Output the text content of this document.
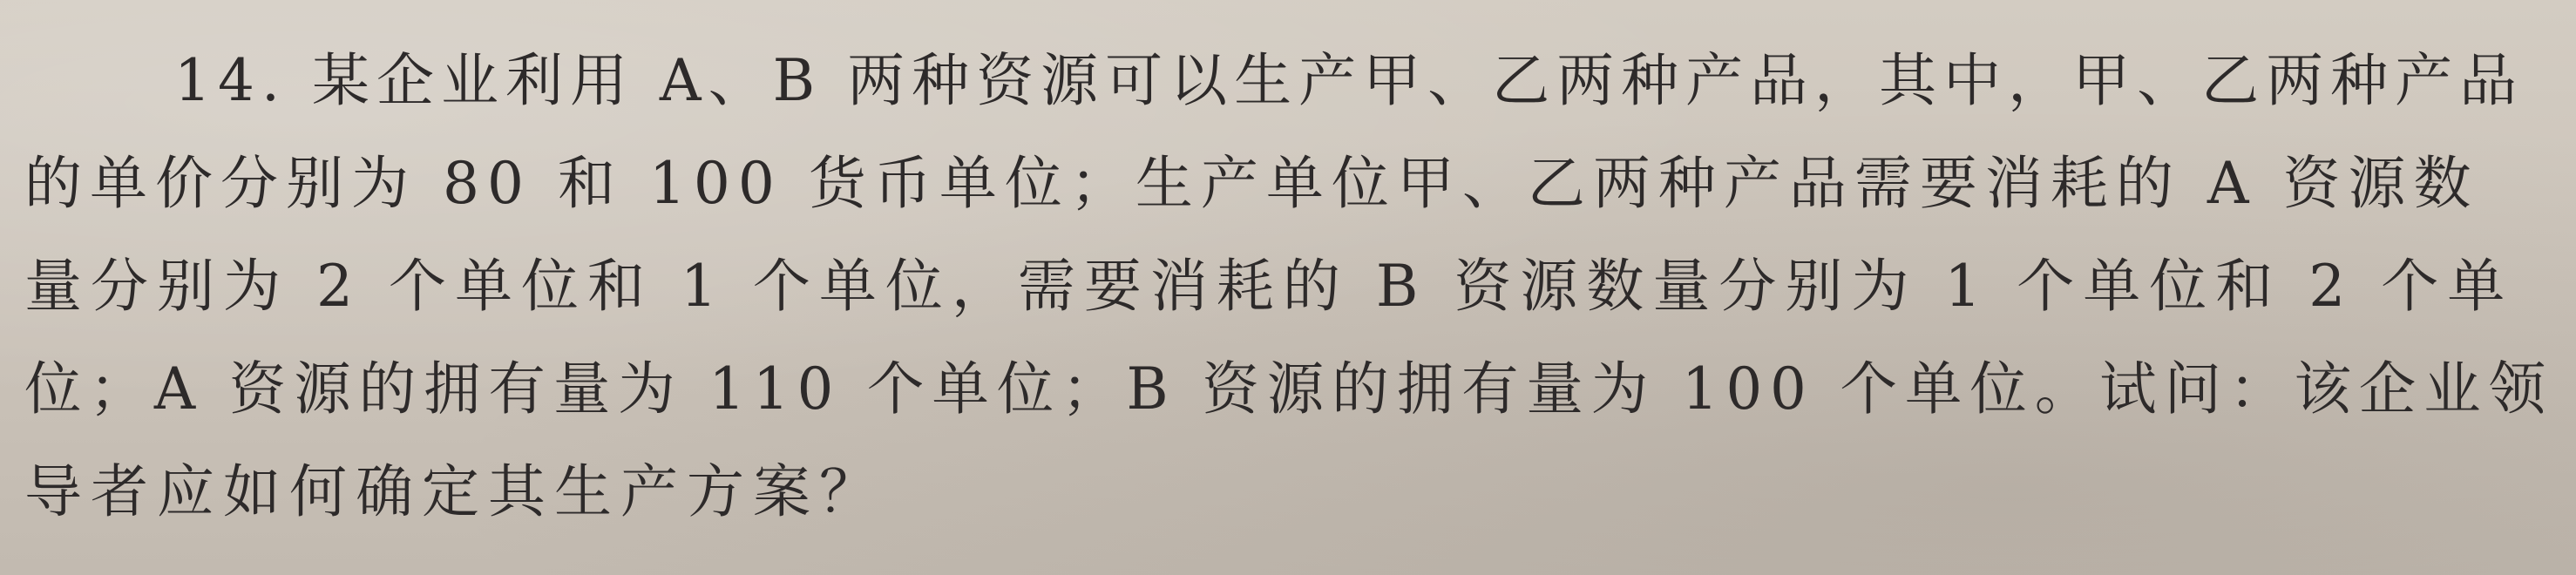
14. 某企业利用 A、B 两种资源可以生产甲、乙两种产品，其中，甲、乙两种产品
的单价分别为 80 和 100 货币单位；生产单位甲、乙两种产品需要消耗的 A 资源数
量分别为 2 个单位和 1 个单位，需要消耗的 B 资源数量分别为 1 个单位和 2 个单
位；A 资源的拥有量为 110 个单位；B 资源的拥有量为 100 个单位。试问：该企业领
导者应如何确定其生产方案？
